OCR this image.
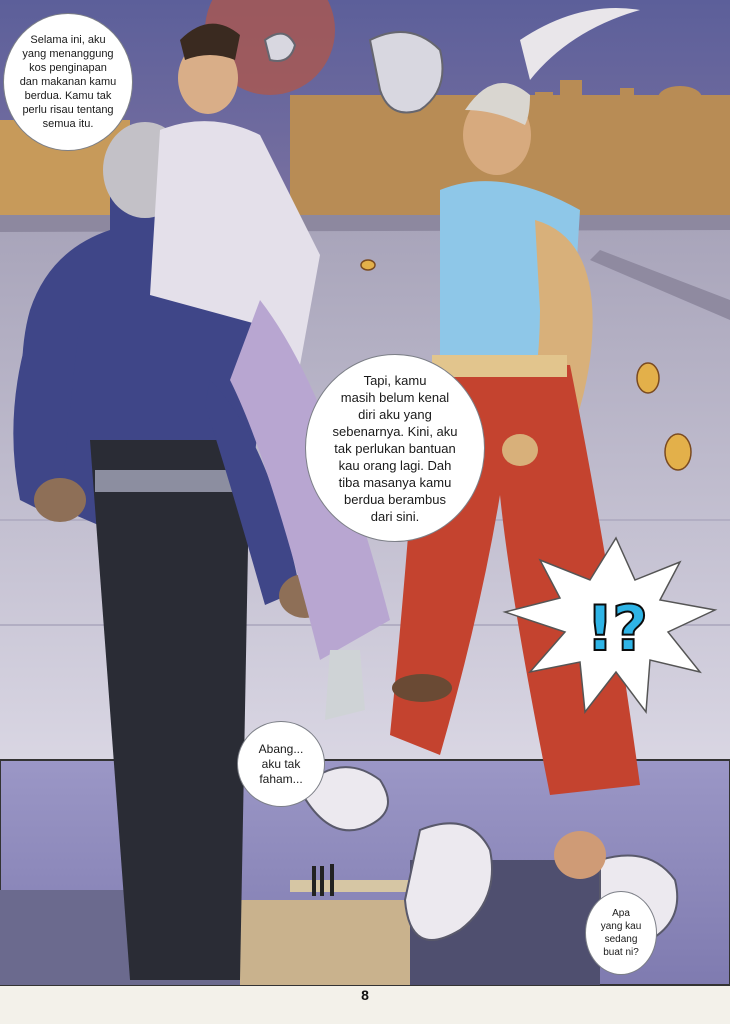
Selama ini, aku
yang menanggung
kos penginapan
dan makanan kamu
berdua. Kamu tak
perlu risau tentang
semua itu.
Tapi, kamu
masih belum kenal
diri aku yang
sebenarnya. Kini, aku
tak perlukan bantuan
kau orang lagi. Dah
tiba masanya kamu
berdua berambus
dari sini.
Abang...
aku tak
faham...
Apa
yang kau
sedang
buat ni?
!?
8
